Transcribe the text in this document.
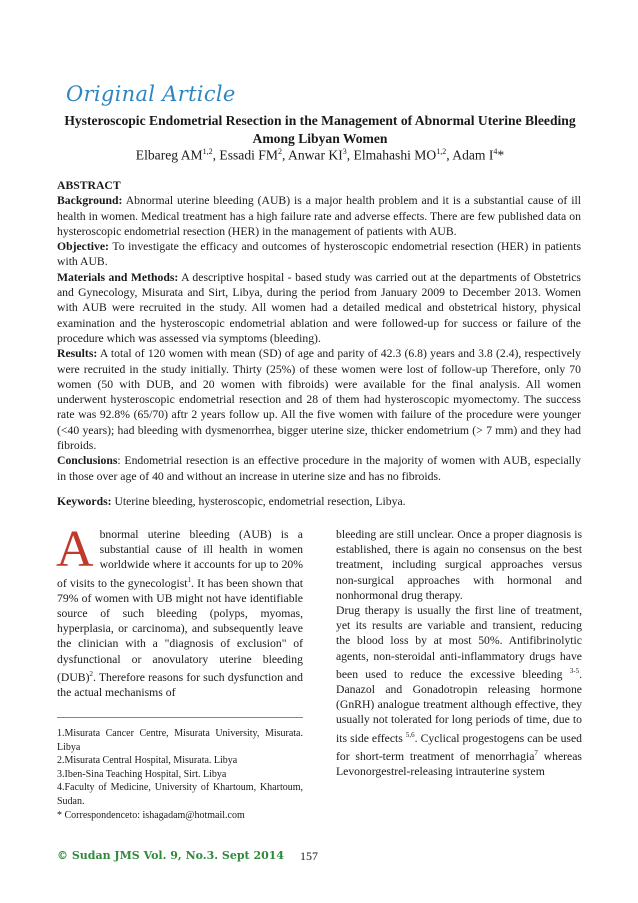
Original Article
Hysteroscopic Endometrial Resection in the Management of Abnormal Uterine Bleeding Among Libyan Women
Elbareg AM$^{1,2}$, Essadi $FM^2$, Anwar $KI^3$, Elmahashi MO$^{1,2}$, Adam $I^4*$

ABSTRACT

Background: Abnormal uterine bleeding (AUB) is a major health problem and it is a substantial cause of ill health in women. Medical treatment has a high failure rate and adverse effects. There are few published data on hysteroscopic endometrial resection (HER) in the management of patients with AUB.

Objective: To investigate the efficacy and outcomes of hysteroscopic endometrial resection (HER) in patients with AUB.

Materials and Methods: A descriptive hospital - based study was carried out at the departments of Obstetrics and Gynecology, Misurata and Sirt, Libya, during the period from January 2009 to December 2013. Women with AUB were recruited in the study. All women had a detailed medical and obstetrical history, physical examination and the hysteroscopic endometrial ablation and were followed-up for success or failure of the procedure which was assessed via symptoms (bleeding).

Results: A total of 120 women with mean (SD) of age and parity of 42.3 (6.8) years and 3.8 (2.4), respectively were recruited in the study initially. Thirty (25%) of these women were lost of follow-up Therefore, only 70 women (50 with DUB, and 20 women with fibroids) were available for the final analysis. All women underwent hysteroscopic endometrial resection and 28 of them had hysteroscopic myomectomy. The success rate was 92.8% (65/70) aftr 2 years follow up. All the five women with failure of the procedure were younger (<40 years); had bleeding with dysmenorrhea, bigger uterine size, thicker endometrium (> 7 mm) and they had fibroids.

Conclusions: Endometrial resection is an effective procedure in the majority of women with AUB, especially in those over age of 40 and without an increase in uterine size and has no fibroids.

Keywords: Uterine bleeding, hysteroscopic, endometrial resection, Libya.

Abnormal uterine bleeding (AUB) is a substantial cause of ill health in women worldwide where it accounts for up to 20% of visits to the gynecologist$^1$. It has been shown that 79% of women with UB might not have identifiable source of such bleeding (polyps, myomas, hyperplasia, or carcinoma), and subsequently leave the clinician with a "diagnosis of exclusion" of dysfunctional or anovulatory uterine bleeding (DUB)$^2$. Therefore reasons for such dysfunction and the actual mechanisms of

bleeding are still unclear. Once a proper diagnosis is established, there is again no consensus on the best treatment, including surgical approaches versus non-surgical approaches with hormonal and nonhormonal drug therapy.

Drug therapy is usually the first line of treatment, yet its results are variable and transient, reducing the blood loss by at most 50%. Antifibrinolytic agents, non-steroidal anti-inflammatory drugs have been used to reduce the excessive bleeding $^{3-5}$. Danazol and Gonadotropin releasing hormone (GnRH) analogue treatment although effective, they usually not tolerated for long periods of time, due to its side effects $^{5,6}$. Cyclical progestogens can be used for short-term treatment of menorrhagia$^7$ whereas Levonorgestrel-releasing intrauterine system

1.Misurata Cancer Centre, Misurata University, Misurata. Libya
2.Misurata Central Hospital, Misurata. Libya
3.Iben-Sina Teaching Hospital, Sirt. Libya
4.Faculty of Medicine, University of Khartoum, Khartoum, Sudan.
* Correspondenceto: ishagadam@hotmail.com
© Sudan JMS Vol. 9, No.3. Sept 2014 157
